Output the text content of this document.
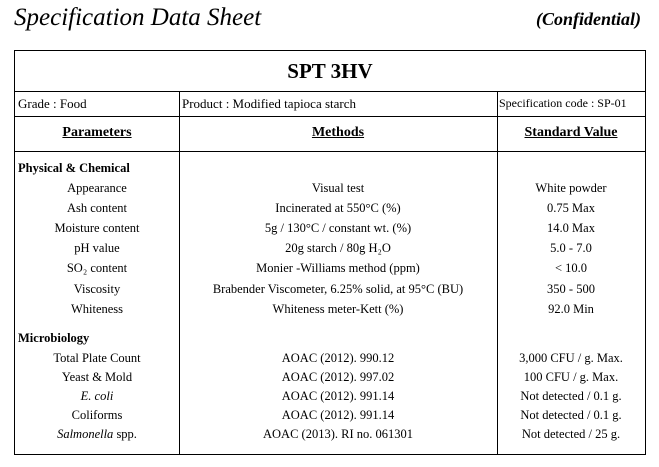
Specification Data Sheet	(Confidential)
SPT 3HV
Grade : Food	Product : Modified tapioca starch	Specification code : SP-01
Parameters	Methods	Standard Value
Physical & Chemical
Appearance	Visual test	White powder
Ash content	Incinerated at 550°C (%)	0.75 Max
Moisture content	5g / 130°C / constant wt. (%)	14.0 Max
pH value	20g starch / 80g H₂O	5.0 - 7.0
SO₂ content	Monier -Williams method (ppm)	< 10.0
Viscosity	Brabender Viscometer, 6.25% solid, at 95°C (BU)	350 - 500
Whiteness	Whiteness meter-Kett (%)	92.0 Min
Microbiology
Total Plate Count	AOAC (2012). 990.12	3,000 CFU / g. Max.
Yeast & Mold	AOAC (2012). 997.02	100 CFU / g. Max.
E. coli	AOAC (2012). 991.14	Not detected / 0.1 g.
Coliforms	AOAC (2012). 991.14	Not detected / 0.1 g.
Salmonella spp.	AOAC (2013). RI no. 061301	Not detected / 25 g.
